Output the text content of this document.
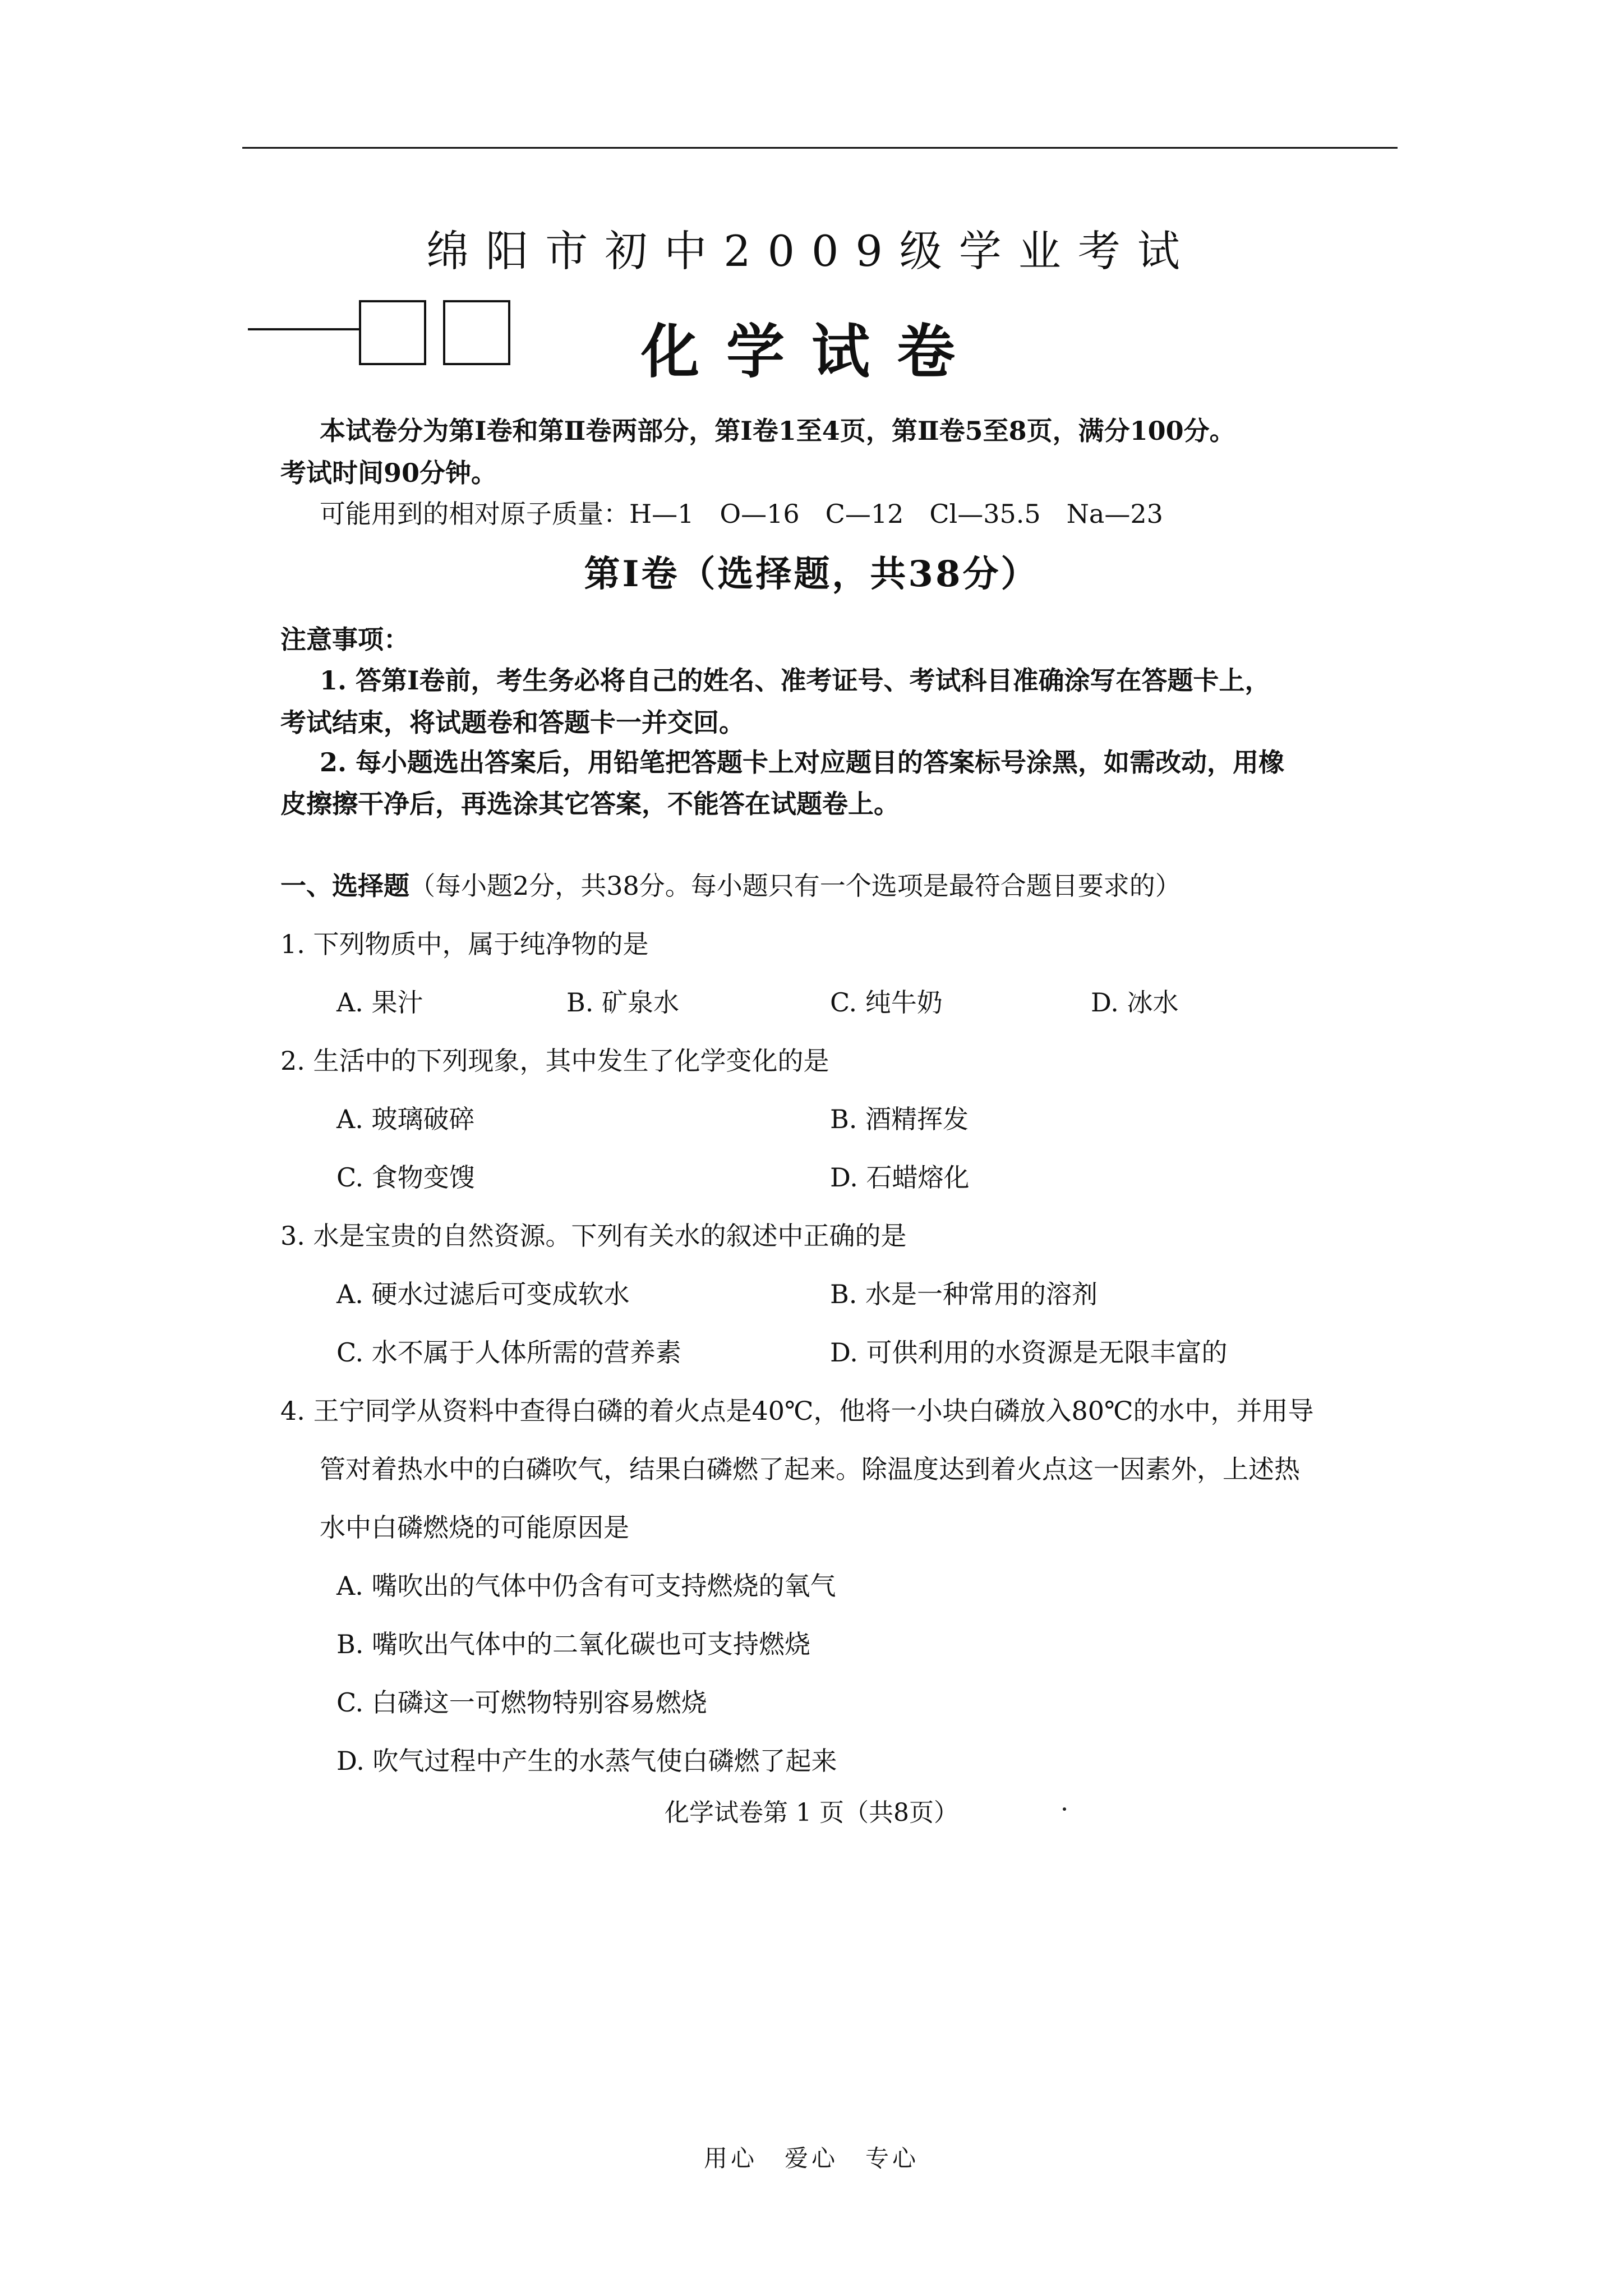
绵阳市初中2009级学业考试
化学试卷
本试卷分为第Ⅰ卷和第Ⅱ卷两部分，第Ⅰ卷1至4页，第Ⅱ卷5至8页，满分100分。
考试时间90分钟。
可能用到的相对原子质量：H—1　O—16　C—12　Cl—35.5　Na—23
第Ⅰ卷（选择题，共38分）
注意事项：
1. 答第Ⅰ卷前，考生务必将自己的姓名、准考证号、考试科目准确涂写在答题卡上，
考试结束，将试题卷和答题卡一并交回。
2. 每小题选出答案后，用铅笔把答题卡上对应题目的答案标号涂黑，如需改动，用橡
皮擦擦干净后，再选涂其它答案，不能答在试题卷上。
一、选择题（每小题2分，共38分。每小题只有一个选项是最符合题目要求的）
1. 下列物质中，属于纯净物的是
A. 果汁	B. 矿泉水	C. 纯牛奶	D. 冰水
2. 生活中的下列现象，其中发生了化学变化的是
A. 玻璃破碎	B. 酒精挥发
C. 食物变馊	D. 石蜡熔化
3. 水是宝贵的自然资源。下列有关水的叙述中正确的是
A. 硬水过滤后可变成软水	B. 水是一种常用的溶剂
C. 水不属于人体所需的营养素	D. 可供利用的水资源是无限丰富的
4. 王宁同学从资料中查得白磷的着火点是40℃，他将一小块白磷放入80℃的水中，并用导
管对着热水中的白磷吹气，结果白磷燃了起来。除温度达到着火点这一因素外，上述热
水中白磷燃烧的可能原因是
A. 嘴吹出的气体中仍含有可支持燃烧的氧气
B. 嘴吹出气体中的二氧化碳也可支持燃烧
C. 白磷这一可燃物特别容易燃烧
D. 吹气过程中产生的水蒸气使白磷燃了起来
化学试卷第 1 页（共8页）
用心　爱心　专心
